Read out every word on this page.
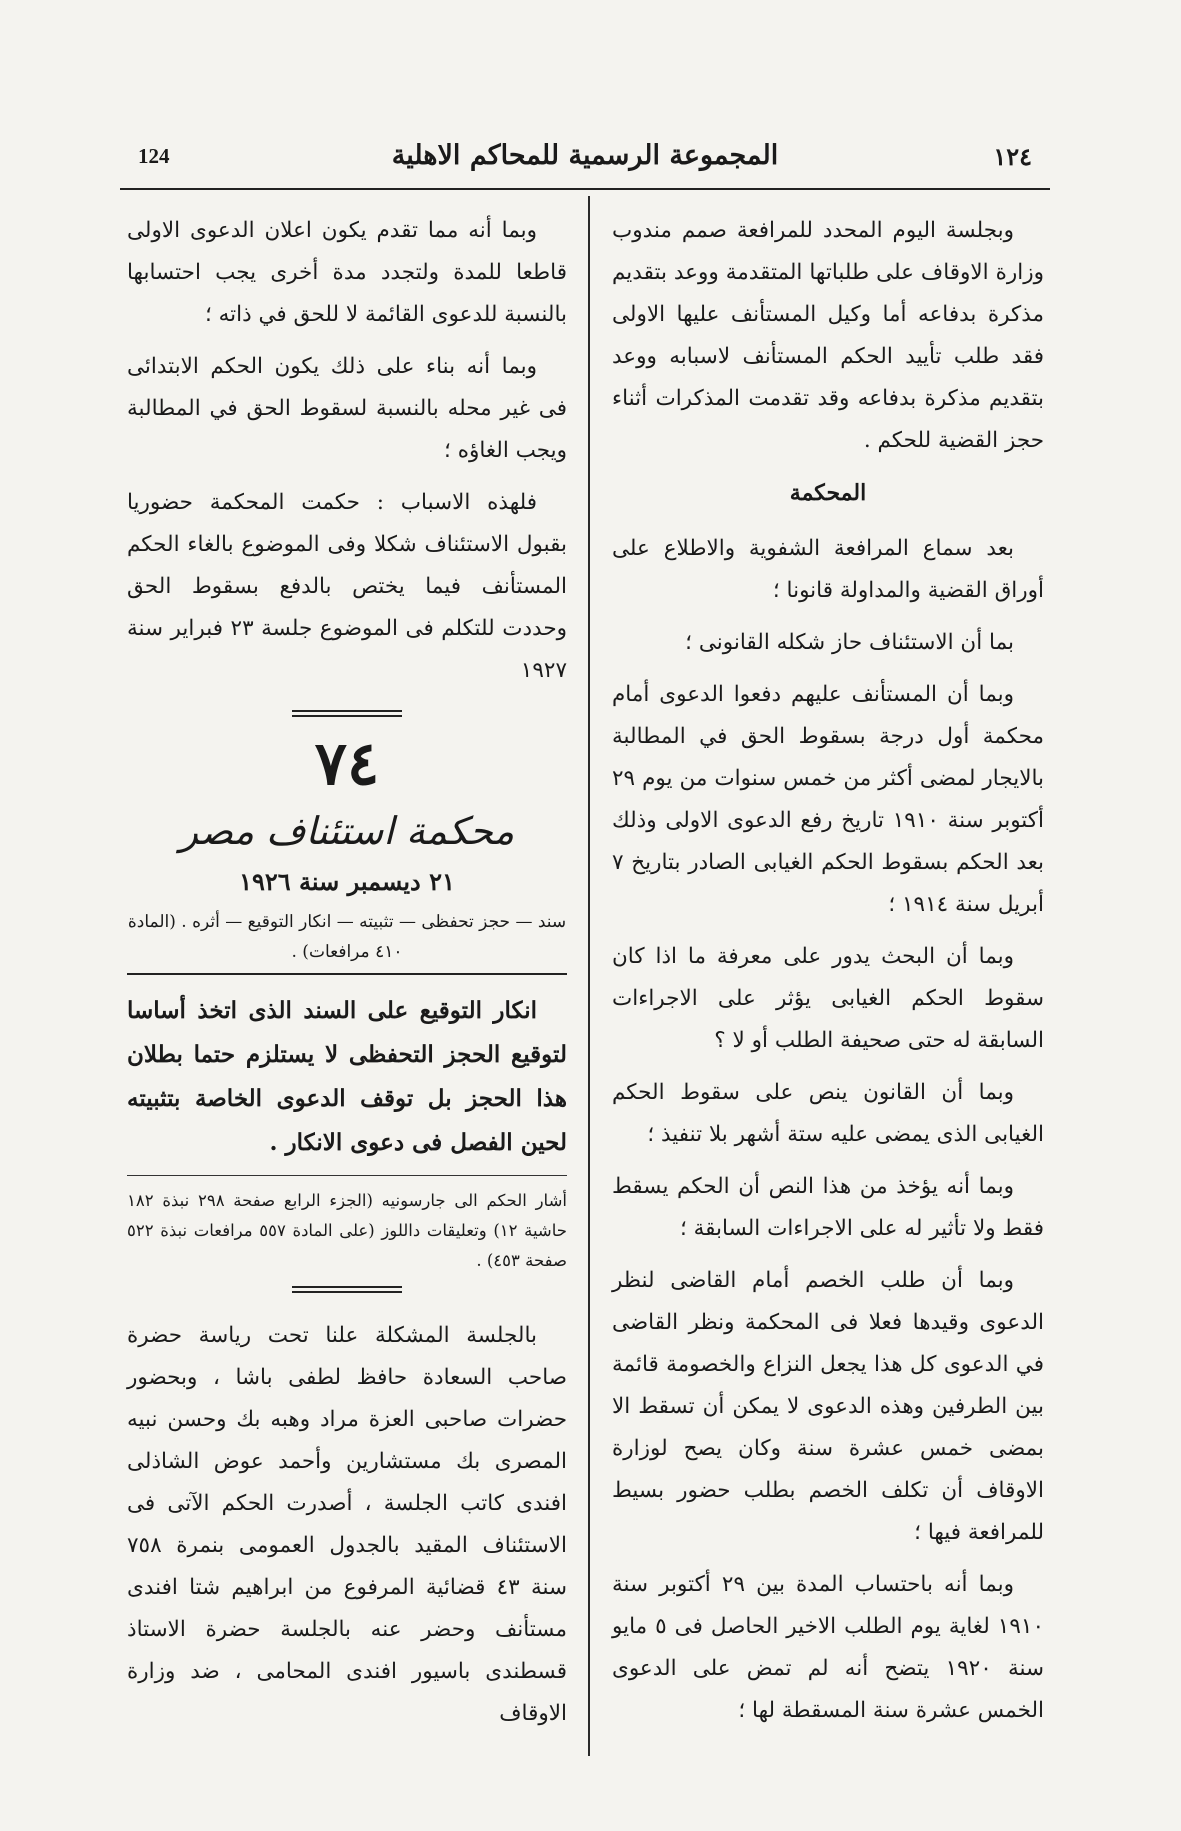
124	المجموعة الرسمية للمحاكم الاهلية	١٢٤

وبجلسة اليوم المحدد للمرافعة صمم مندوب وزارة الاوقاف على طلباتها المتقدمة ووعد بتقديم مذكرة بدفاعه أما وكيل المستأنف عليها الاولى فقد طلب تأييد الحكم المستأنف لاسبابه ووعد بتقديم مذكرة بدفاعه وقد تقدمت المذكرات أثناء حجز القضية للحكم .

المحكمة

بعد سماع المرافعة الشفوية والاطلاع على أوراق القضية والمداولة قانونا ؛

بما أن الاستئناف حاز شكله القانونى ؛

وبما أن المستأنف عليهم دفعوا الدعوى أمام محكمة أول درجة بسقوط الحق في المطالبة بالايجار لمضى أكثر من خمس سنوات من يوم ٢٩ أكتوبر سنة ١٩١٠ تاريخ رفع الدعوى الاولى وذلك بعد الحكم بسقوط الحكم الغيابى الصادر بتاريخ ٧ أبريل سنة ١٩١٤ ؛

وبما أن البحث يدور على معرفة ما اذا كان سقوط الحكم الغيابى يؤثر على الاجراءات السابقة له حتى صحيفة الطلب أو لا ؟

وبما أن القانون ينص على سقوط الحكم الغيابى الذى يمضى عليه ستة أشهر بلا تنفيذ ؛

وبما أنه يؤخذ من هذا النص أن الحكم يسقط فقط ولا تأثير له على الاجراءات السابقة ؛

وبما أن طلب الخصم أمام القاضى لنظر الدعوى وقيدها فعلا فى المحكمة ونظر القاضى في الدعوى كل هذا يجعل النزاع والخصومة قائمة بين الطرفين وهذه الدعوى لا يمكن أن تسقط الا بمضى خمس عشرة سنة وكان يصح لوزارة الاوقاف أن تكلف الخصم بطلب حضور بسيط للمرافعة فيها ؛

وبما أنه باحتساب المدة بين ٢٩ أكتوبر سنة ١٩١٠ لغاية يوم الطلب الاخير الحاصل فى ٥ مايو سنة ١٩٢٠ يتضح أنه لم تمض على الدعوى الخمس عشرة سنة المسقطة لها ؛

وبما أنه مما تقدم يكون اعلان الدعوى الاولى قاطعا للمدة ولتجدد مدة أخرى يجب احتسابها بالنسبة للدعوى القائمة لا للحق في ذاته ؛

وبما أنه بناء على ذلك يكون الحكم الابتدائى فى غير محله بالنسبة لسقوط الحق في المطالبة ويجب الغاؤه ؛

فلهذه الاسباب : حكمت المحكمة حضوريا بقبول الاستئناف شكلا وفى الموضوع بالغاء الحكم المستأنف فيما يختص بالدفع بسقوط الحق وحددت للتكلم فى الموضوع جلسة ٢٣ فبراير سنة ١٩٢٧

٧٤
محكمة استئناف مصر
٢١ ديسمبر سنة ١٩٢٦
سند — حجز تحفظى — تثبيته — انكار التوقيع — أثره . (المادة ٤١٠ مرافعات) .

انكار التوقيع على السند الذى اتخذ أساسا لتوقيع الحجز التحفظى لا يستلزم حتما بطلان هذا الحجز بل توقف الدعوى الخاصة بتثبيته لحين الفصل فى دعوى الانكار .

أشار الحكم الى جارسونيه (الجزء الرابع صفحة ٢٩٨ نبذة ١٨٢ حاشية ١٢) وتعليقات داللوز (على المادة ٥٥٧ مرافعات نبذة ٥٢٢ صفحة ٤٥٣) .

بالجلسة المشكلة علنا تحت رياسة حضرة صاحب السعادة حافظ لطفى باشا ، وبحضور حضرات صاحبى العزة مراد وهبه بك وحسن نبيه المصرى بك مستشارين وأحمد عوض الشاذلى افندى كاتب الجلسة ، أصدرت الحكم الآتى فى الاستئناف المقيد بالجدول العمومى بنمرة ٧٥٨ سنة ٤٣ قضائية المرفوع من ابراهيم شتا افندى مستأنف وحضر عنه بالجلسة حضرة الاستاذ قسطندى باسيور افندى المحامى ، ضد وزارة الاوقاف
